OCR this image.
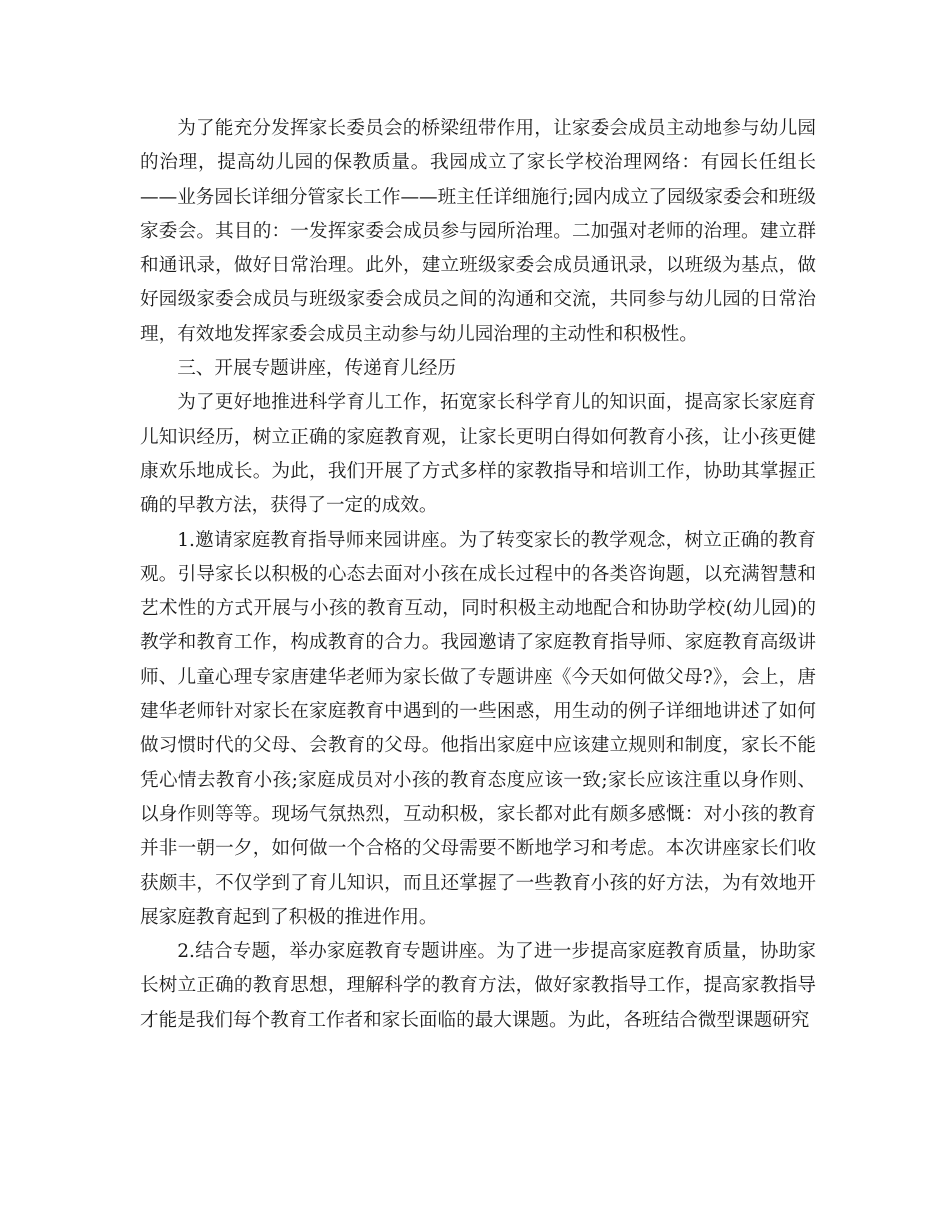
为了能充分发挥家长委员会的桥梁纽带作用，让家委会成员主动地参与幼儿园的治理，提高幼儿园的保教质量。我园成立了家长学校治理网络：有园长任组长——业务园长详细分管家长工作——班主任详细施行;园内成立了园级家委会和班级家委会。其目的：一发挥家委会成员参与园所治理。二加强对老师的治理。建立群和通讯录，做好日常治理。此外，建立班级家委会成员通讯录，以班级为基点，做好园级家委会成员与班级家委会成员之间的沟通和交流，共同参与幼儿园的日常治理，有效地发挥家委会成员主动参与幼儿园治理的主动性和积极性。

三、开展专题讲座，传递育儿经历

为了更好地推进科学育儿工作，拓宽家长科学育儿的知识面，提高家长家庭育儿知识经历，树立正确的家庭教育观，让家长更明白得如何教育小孩，让小孩更健康欢乐地成长。为此，我们开展了方式多样的家教指导和培训工作，协助其掌握正确的早教方法，获得了一定的成效。

1.邀请家庭教育指导师来园讲座。为了转变家长的教学观念，树立正确的教育观。引导家长以积极的心态去面对小孩在成长过程中的各类咨询题，以充满智慧和艺术性的方式开展与小孩的教育互动，同时积极主动地配合和协助学校(幼儿园)的教学和教育工作，构成教育的合力。我园邀请了家庭教育指导师、家庭教育高级讲师、儿童心理专家唐建华老师为家长做了专题讲座《今天如何做父母?》，会上，唐建华老师针对家长在家庭教育中遇到的一些困惑，用生动的例子详细地讲述了如何做习惯时代的父母、会教育的父母。他指出家庭中应该建立规则和制度，家长不能凭心情去教育小孩;家庭成员对小孩的教育态度应该一致;家长应该注重以身作则、以身作则等等。现场气氛热烈，互动积极，家长都对此有颇多感慨：对小孩的教育并非一朝一夕，如何做一个合格的父母需要不断地学习和考虑。本次讲座家长们收获颇丰，不仅学到了育儿知识，而且还掌握了一些教育小孩的好方法，为有效地开展家庭教育起到了积极的推进作用。

2.结合专题，举办家庭教育专题讲座。为了进一步提高家庭教育质量，协助家长树立正确的教育思想，理解科学的教育方法，做好家教指导工作，提高家教指导才能是我们每个教育工作者和家长面临的最大课题。为此，各班结合微型课题研究
